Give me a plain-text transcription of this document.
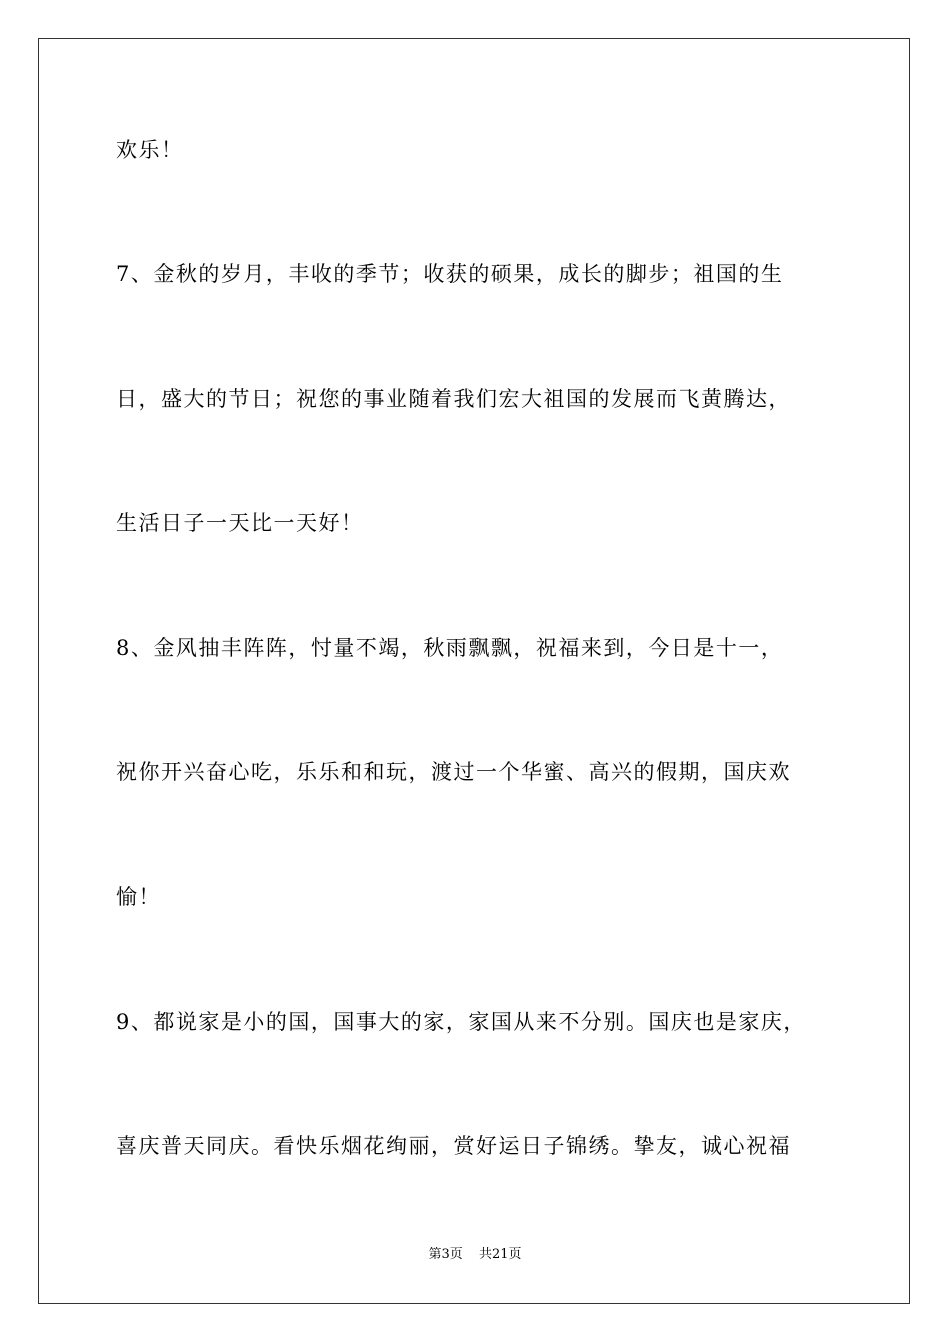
欢乐！
7、金秋的岁月，丰收的季节；收获的硕果，成长的脚步；祖国的生
日，盛大的节日；祝您的事业随着我们宏大祖国的发展而飞黄腾达，
生活日子一天比一天好！
8、金风抽丰阵阵，忖量不竭，秋雨飘飘，祝福来到，今日是十一，
祝你开兴奋心吃，乐乐和和玩，渡过一个华蜜、高兴的假期，国庆欢
愉！
9、都说家是小的国，国事大的家，家国从来不分别。国庆也是家庆，
喜庆普天同庆。看快乐烟花绚丽，赏好运日子锦绣。挚友，诚心祝福
第3页 共21页
